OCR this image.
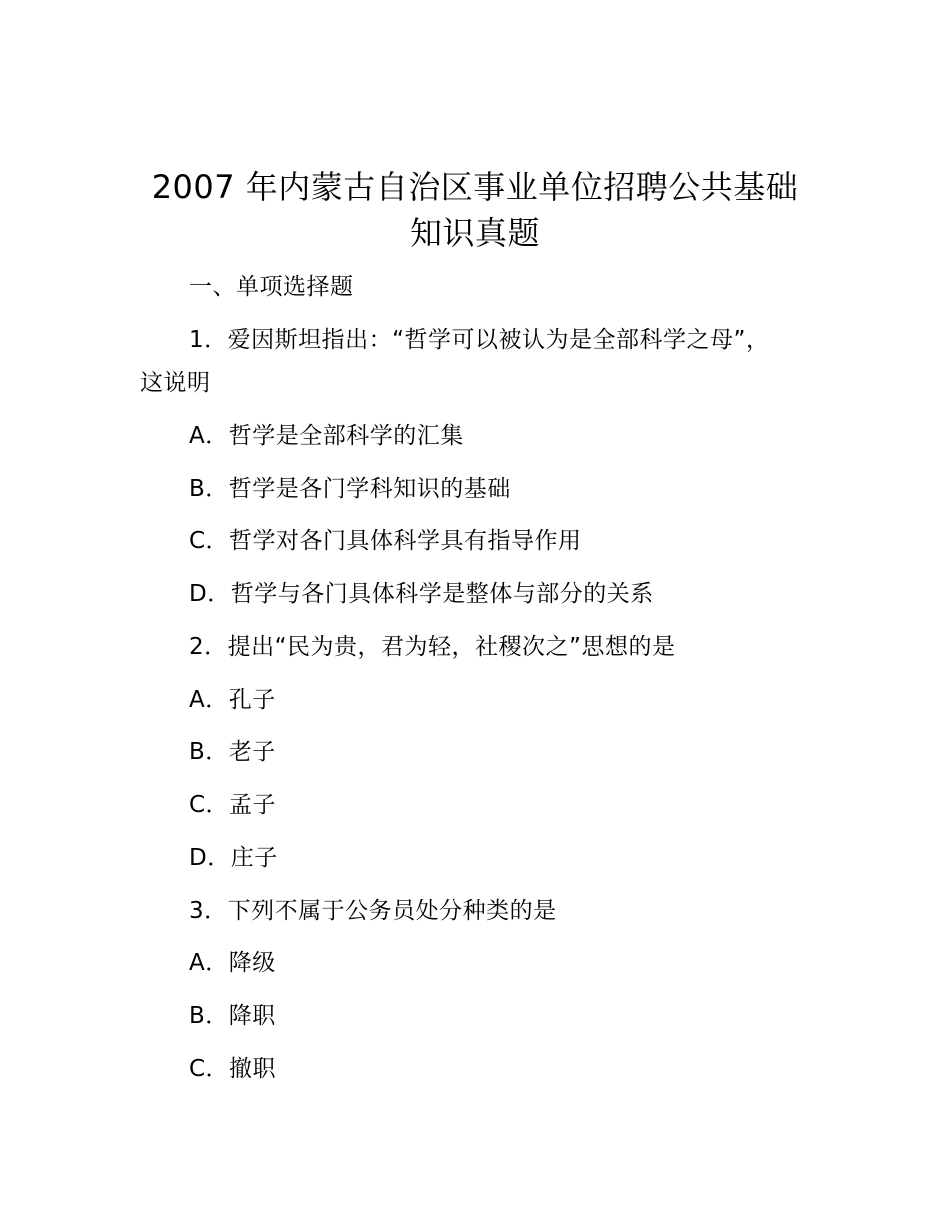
2007 年内蒙古自治区事业单位招聘公共基础
知识真题
一、单项选择题
1．爱因斯坦指出：“哲学可以被认为是全部科学之母”，
这说明
A．哲学是全部科学的汇集
B．哲学是各门学科知识的基础
C．哲学对各门具体科学具有指导作用
D．哲学与各门具体科学是整体与部分的关系
2．提出“民为贵，君为轻，社稷次之”思想的是
A．孔子
B．老子
C．孟子
D．庄子
3．下列不属于公务员处分种类的是
A．降级
B．降职
C．撤职
